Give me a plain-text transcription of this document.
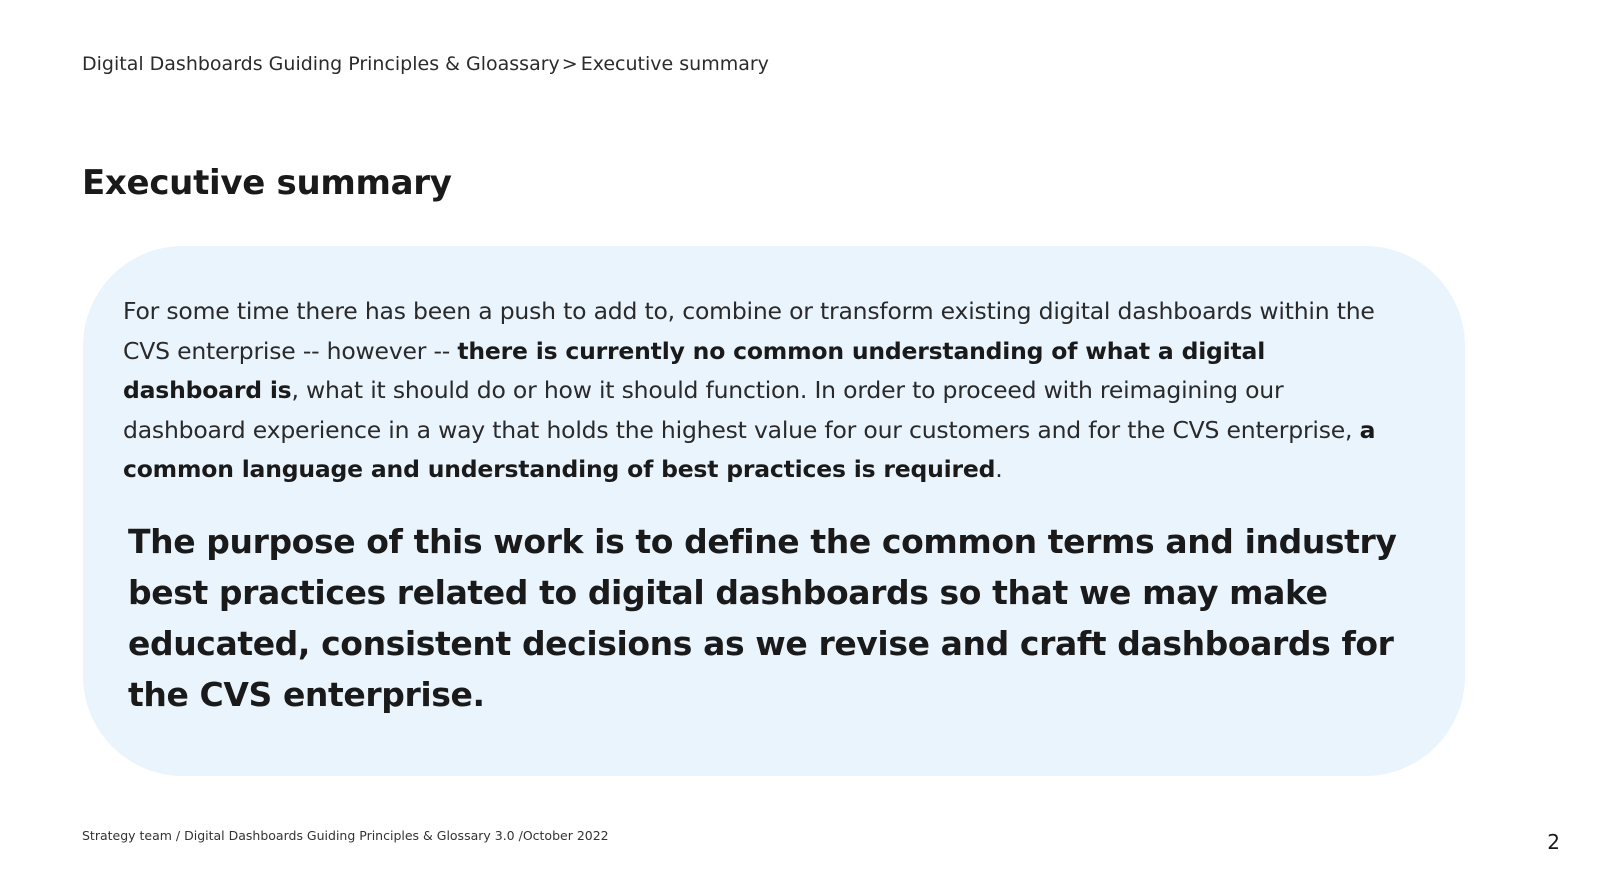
Digital Dashboards Guiding Principles & Gloassary > Executive summary
Executive summary

For some time there has been a push to add to, combine or transform existing digital dashboards within the CVS enterprise -- however -- there is currently no common understanding of what a digital dashboard is, what it should do or how it should function. In order to proceed with reimagining our dashboard experience in a way that holds the highest value for our customers and for the CVS enterprise, a common language and understanding of best practices is required.

The purpose of this work is to define the common terms and industry best practices related to digital dashboards so that we may make educated, consistent decisions as we revise and craft dashboards for the CVS enterprise.

Strategy team / Digital Dashboards Guiding Principles & Glossary 3.0 /October 2022	2
